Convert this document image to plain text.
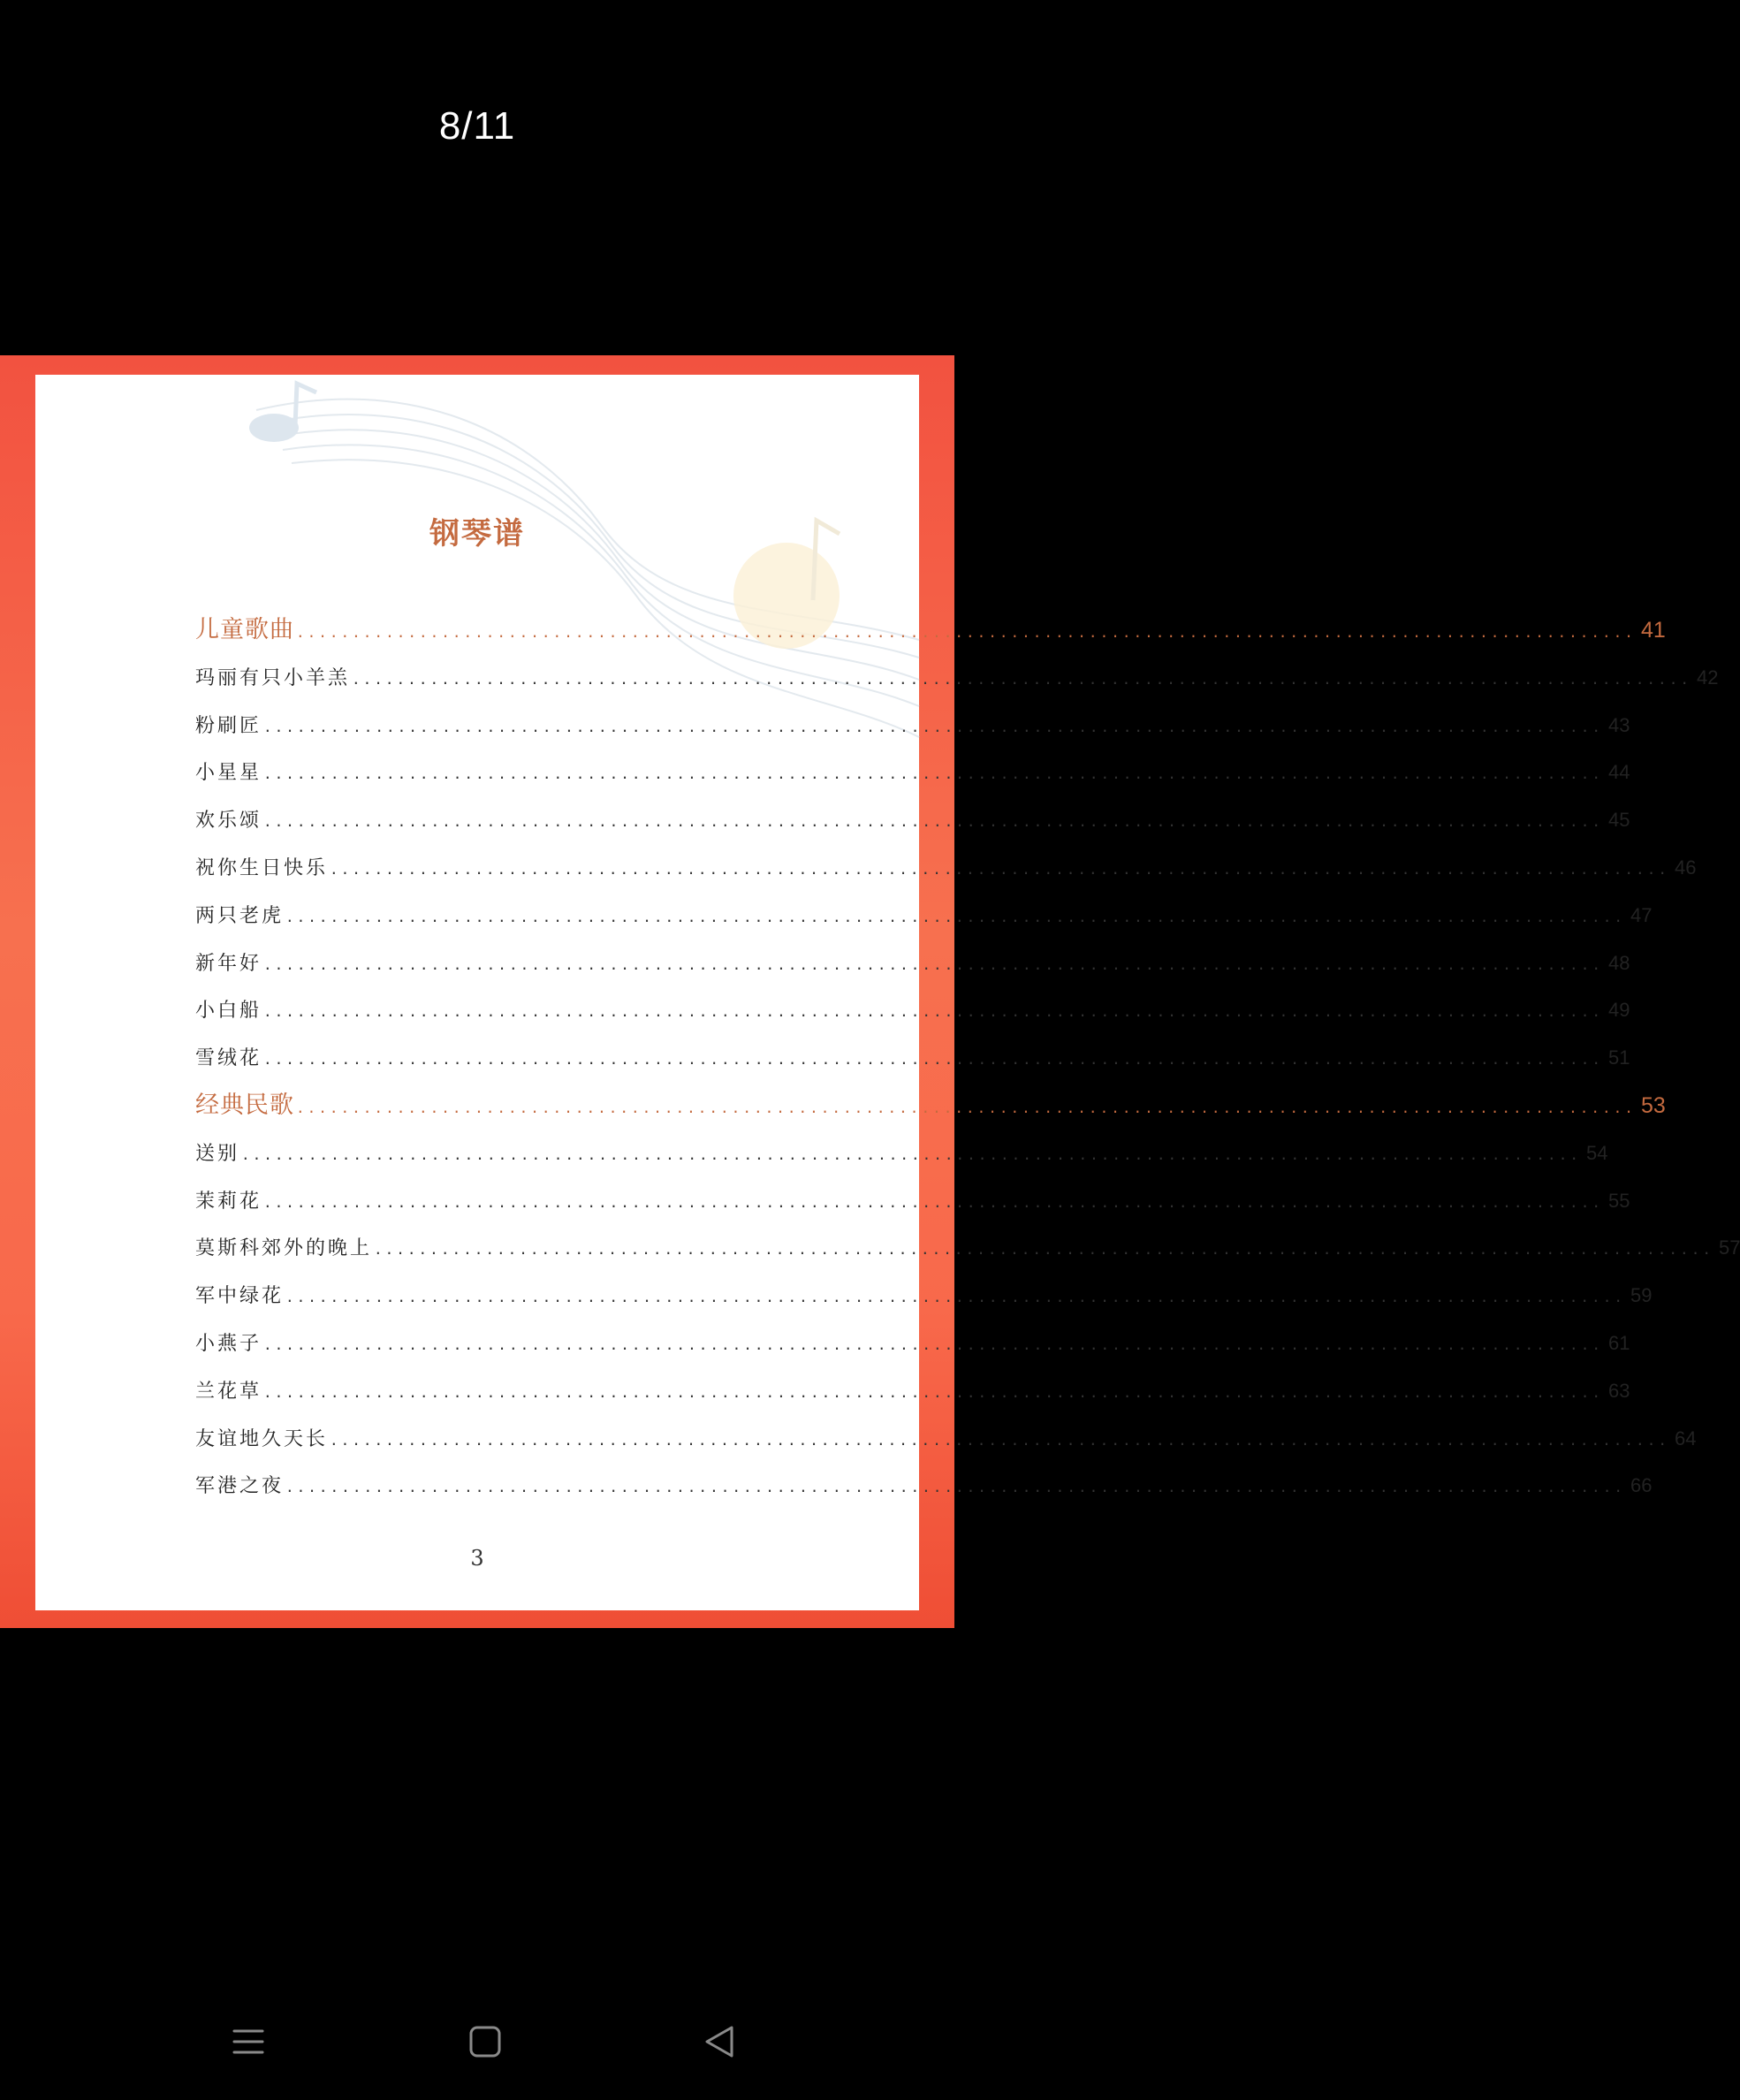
8/11
钢琴谱
儿童歌曲 ........................................................................................................................ 41
玛丽有只小羊羔 ........................................................................................................................ 42
粉刷匠 ........................................................................................................................ 43
小星星 ........................................................................................................................ 44
欢乐颂 ........................................................................................................................ 45
祝你生日快乐 ........................................................................................................................ 46
两只老虎 ........................................................................................................................ 47
新年好 ........................................................................................................................ 48
小白船 ........................................................................................................................ 49
雪绒花 ........................................................................................................................ 51
经典民歌 ........................................................................................................................ 53
送别 ........................................................................................................................ 54
茉莉花 ........................................................................................................................ 55
莫斯科郊外的晚上 ........................................................................................................................ 57
军中绿花 ........................................................................................................................ 59
小燕子 ........................................................................................................................ 61
兰花草 ........................................................................................................................ 63
友谊地久天长 ........................................................................................................................ 64
军港之夜 ........................................................................................................................ 66
3
